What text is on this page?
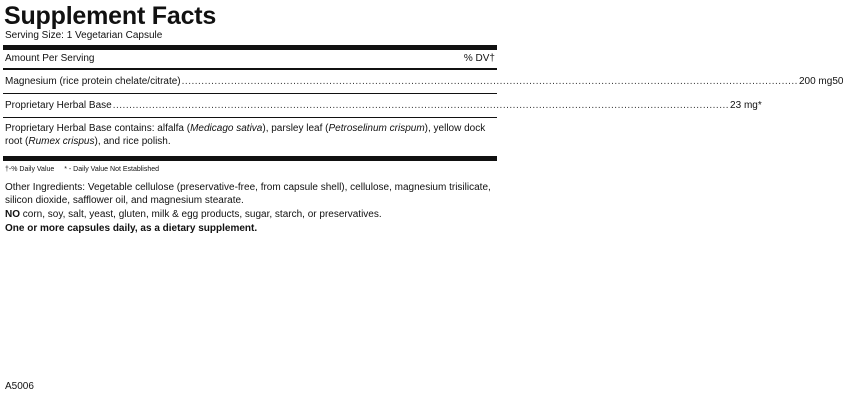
Supplement Facts
Serving Size: 1 Vegetarian Capsule
Amount Per Serving	% DV†
Magnesium (rice protein chelate/citrate) ............................................................................................................................................................................................ 200 mg 50
Proprietary Herbal Base ............................................................................................................................................................................................ 23 mg *
Proprietary Herbal Base contains: alfalfa (Medicago sativa), parsley leaf (Petroselinum crispum), yellow dock root (Rumex crispus), and rice polish.
†-% Daily Value * - Daily Value Not Established

Other Ingredients: Vegetable cellulose (preservative-free, from capsule shell), cellulose, magnesium trisilicate, silicon dioxide, safflower oil, and magnesium stearate.

NO corn, soy, salt, yeast, gluten, milk & egg products, sugar, starch, or preservatives.

One or more capsules daily, as a dietary supplement.

A5006
